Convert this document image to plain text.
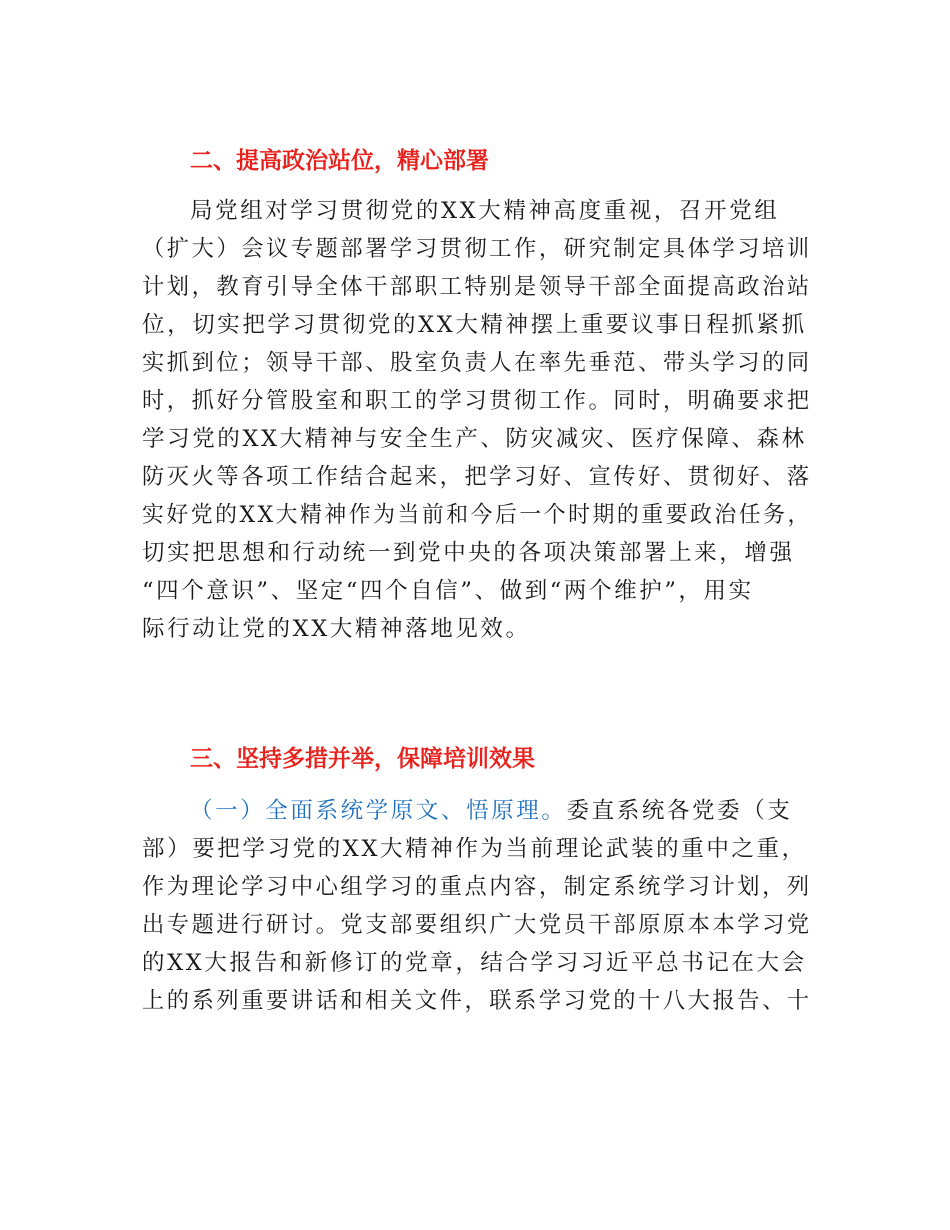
二、提高政治站位，精心部署
局党组对学习贯彻党的XX大精神高度重视，召开党组
（扩大）会议专题部署学习贯彻工作，研究制定具体学习培训
计划，教育引导全体干部职工特别是领导干部全面提高政治站
位，切实把学习贯彻党的XX大精神摆上重要议事日程抓紧抓
实抓到位；领导干部、股室负责人在率先垂范、带头学习的同
时，抓好分管股室和职工的学习贯彻工作。同时，明确要求把
学习党的XX大精神与安全生产、防灾减灾、医疗保障、森林
防灭火等各项工作结合起来，把学习好、宣传好、贯彻好、落
实好党的XX大精神作为当前和今后一个时期的重要政治任务，
切实把思想和行动统一到党中央的各项决策部署上来，增强
“四个意识”、坚定“四个自信”、做到“两个维护”，用实
际行动让党的XX大精神落地见效。
三、坚持多措并举，保障培训效果
（一）全面系统学原文、悟原理。委直系统各党委（支
部）要把学习党的XX大精神作为当前理论武装的重中之重，
作为理论学习中心组学习的重点内容，制定系统学习计划，列
出专题进行研讨。党支部要组织广大党员干部原原本本学习党
的XX大报告和新修订的党章，结合学习习近平总书记在大会
上的系列重要讲话和相关文件，联系学习党的十八大报告、十
